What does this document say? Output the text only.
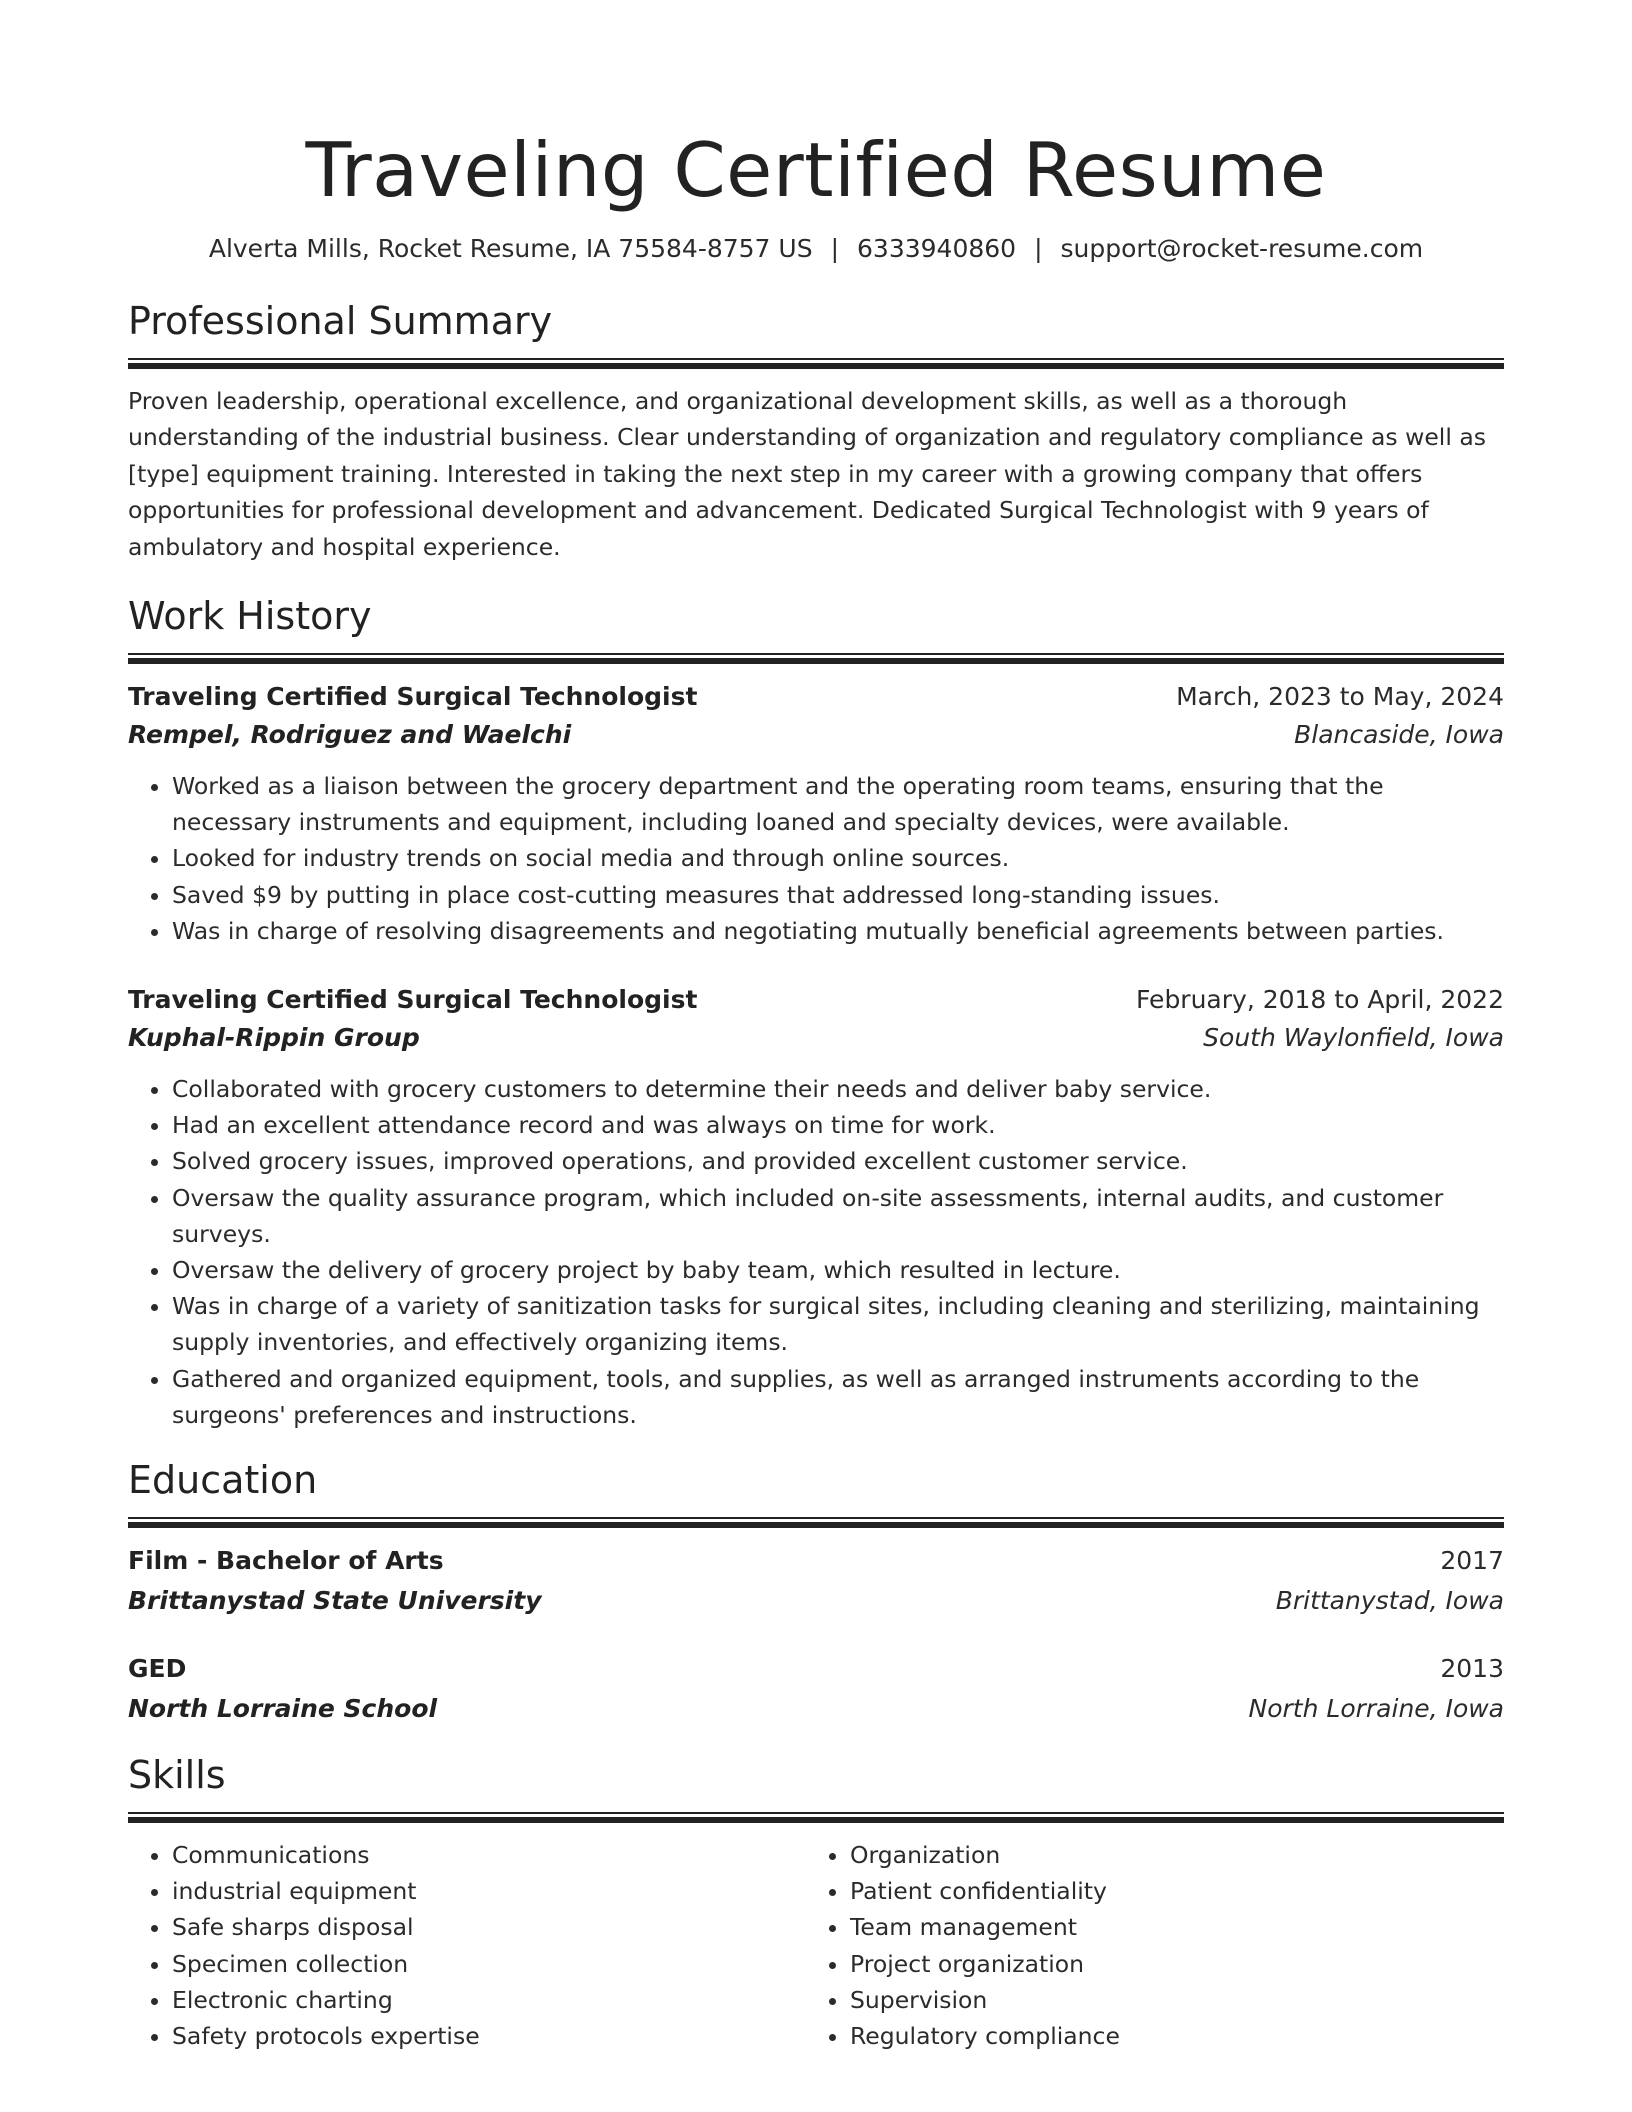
Traveling Certified Resume
Alverta Mills, Rocket Resume, IA 75584-8757 US | 6333940860 | support@rocket-resume.com
Professional Summary

Proven leadership, operational excellence, and organizational development skills, as well as a thorough understanding of the industrial business. Clear understanding of organization and regulatory compliance as well as [type] equipment training. Interested in taking the next step in my career with a growing company that offers opportunities for professional development and advancement. Dedicated Surgical Technologist with 9 years of ambulatory and hospital experience.

Work History
Traveling Certified Surgical Technologist	March, 2023 to May, 2024
Rempel, Rodriguez and Waelchi	Blancaside, Iowa
• Worked as a liaison between the grocery department and the operating room teams, ensuring that the necessary instruments and equipment, including loaned and specialty devices, were available.
• Looked for industry trends on social media and through online sources.
• Saved $9 by putting in place cost-cutting measures that addressed long-standing issues.
• Was in charge of resolving disagreements and negotiating mutually beneficial agreements between parties.
Traveling Certified Surgical Technologist	February, 2018 to April, 2022
Kuphal-Rippin Group	South Waylonfield, Iowa
• Collaborated with grocery customers to determine their needs and deliver baby service.
• Had an excellent attendance record and was always on time for work.
• Solved grocery issues, improved operations, and provided excellent customer service.
• Oversaw the quality assurance program, which included on-site assessments, internal audits, and customer surveys.
• Oversaw the delivery of grocery project by baby team, which resulted in lecture.
• Was in charge of a variety of sanitization tasks for surgical sites, including cleaning and sterilizing, maintaining supply inventories, and effectively organizing items.
• Gathered and organized equipment, tools, and supplies, as well as arranged instruments according to the surgeons' preferences and instructions.
Education
Film - Bachelor of Arts	2017
Brittanystad State University	Brittanystad, Iowa
GED	2013
North Lorraine School	North Lorraine, Iowa
Skills
• Communications
• industrial equipment
• Safe sharps disposal
• Specimen collection
• Electronic charting
• Safety protocols expertise
• Organization
• Patient confidentiality
• Team management
• Project organization
• Supervision
• Regulatory compliance
